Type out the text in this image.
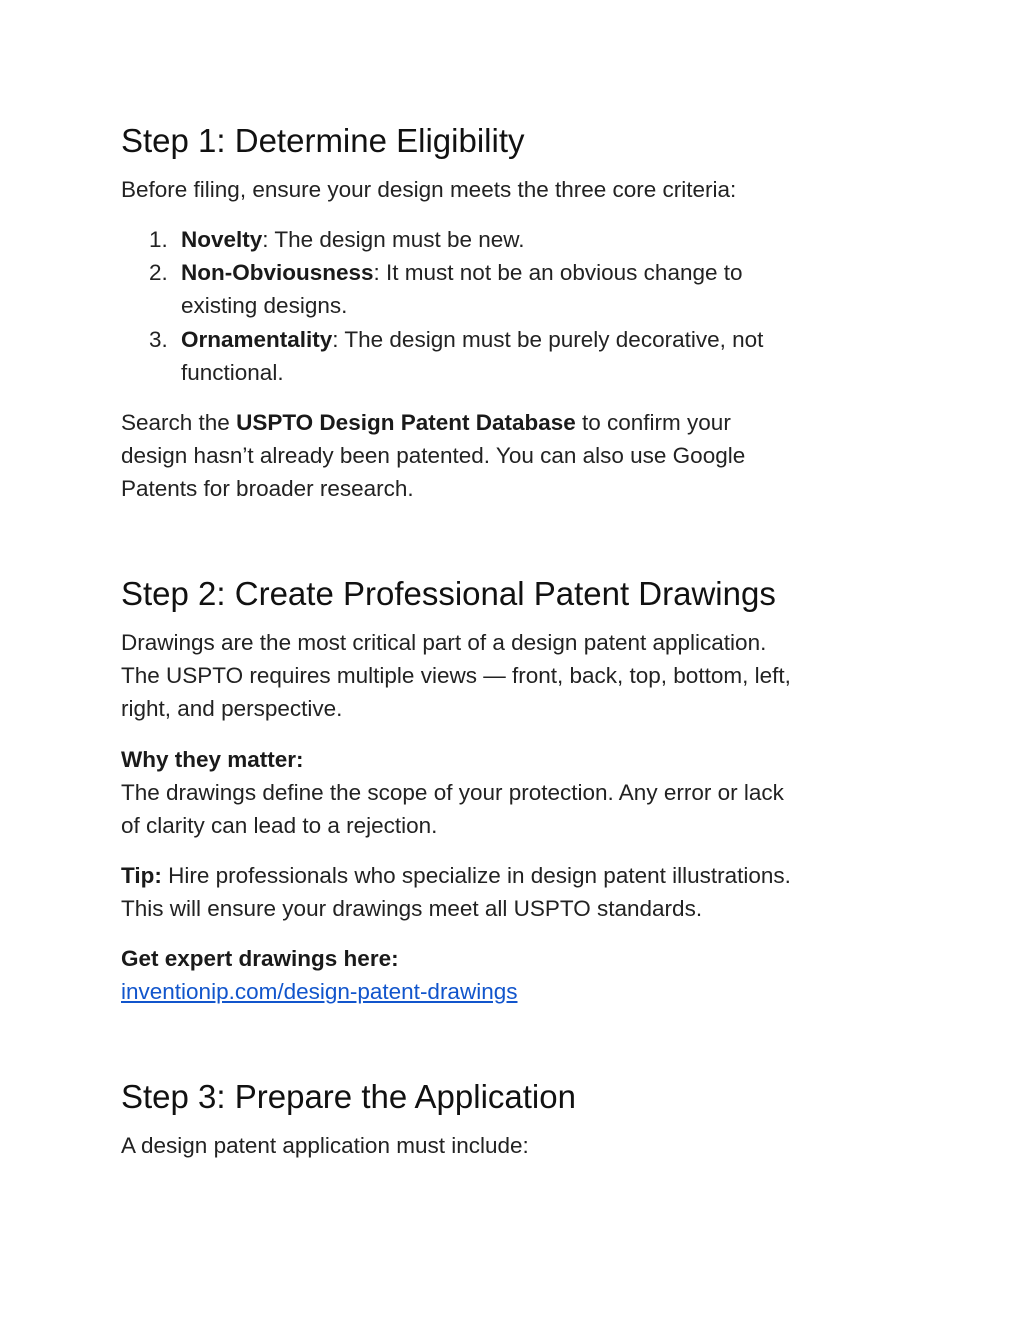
Step 1: Determine Eligibility

Before filing, ensure your design meets the three core criteria:

1. Novelty: The design must be new.
2. Non-Obviousness: It must not be an obvious change to
existing designs.
3. Ornamentality: The design must be purely decorative, not
functional.

Search the USPTO Design Patent Database to confirm your
design hasn’t already been patented. You can also use Google
Patents for broader research.

Step 2: Create Professional Patent Drawings

Drawings are the most critical part of a design patent application.
The USPTO requires multiple views — front, back, top, bottom, left,
right, and perspective.

Why they matter:
The drawings define the scope of your protection. Any error or lack
of clarity can lead to a rejection.

Tip: Hire professionals who specialize in design patent illustrations.
This will ensure your drawings meet all USPTO standards.

Get expert drawings here:
inventionip.com/design-patent-drawings

Step 3: Prepare the Application

A design patent application must include:
